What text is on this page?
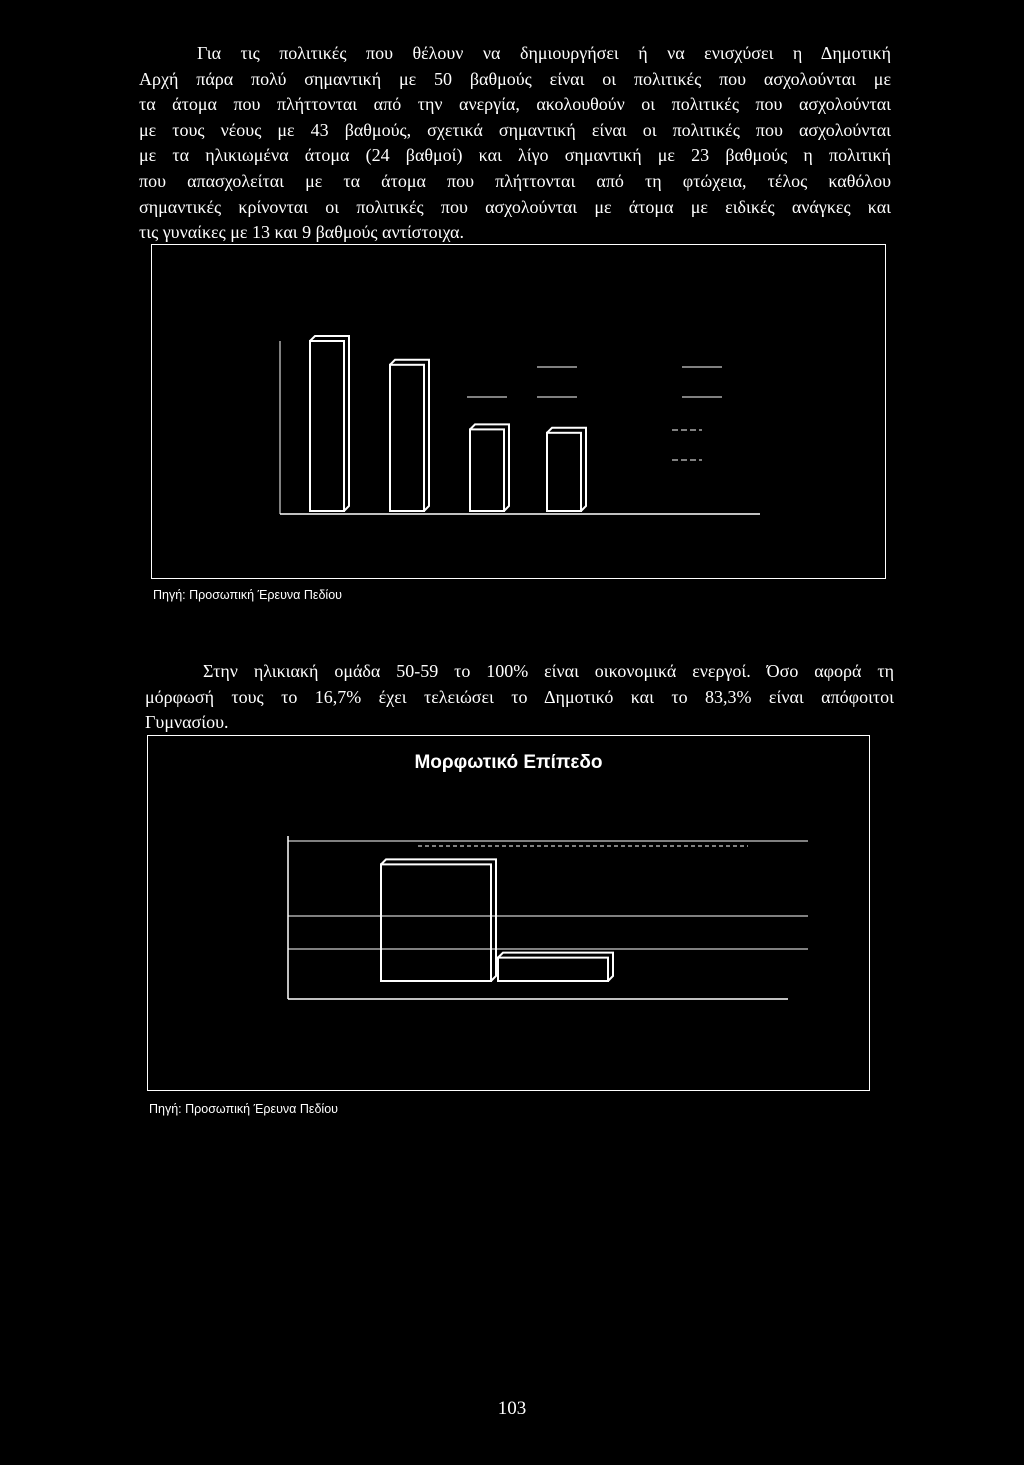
Για τις πολιτικές που θέλουν να δημιουργήσει ή να ενισχύσει η Δημοτική
Αρχή πάρα πολύ σημαντική με 50 βαθμούς είναι οι πολιτικές που ασχολούνται με
τα άτομα που πλήττονται από την ανεργία, ακολουθούν οι πολιτικές που ασχολούνται
με τους νέους με 43 βαθμούς, σχετικά σημαντική είναι οι πολιτικές που ασχολούνται
με τα ηλικιωμένα άτομα (24 βαθμοί) και λίγο σημαντική με 23 βαθμούς η πολιτική
που απασχολείται με τα άτομα που πλήττονται από τη φτώχεια, τέλος καθόλου
σημαντικές κρίνονται οι πολιτικές που ασχολούνται με άτομα με ειδικές ανάγκες και
τις γυναίκες με 13 και 9 βαθμούς αντίστοιχα.

Πηγή: Προσωπική Έρευνα Πεδίου

Στην ηλικιακή ομάδα 50-59 το 100% είναι οικονομικά ενεργοί. Όσο αφορά τη
μόρφωσή τους το 16,7% έχει τελειώσει το Δημοτικό και το 83,3% είναι απόφοιτοι
Γυμνασίου.
Μορφωτικό Επίπεδο

Πηγή: Προσωπική Έρευνα Πεδίου

103
